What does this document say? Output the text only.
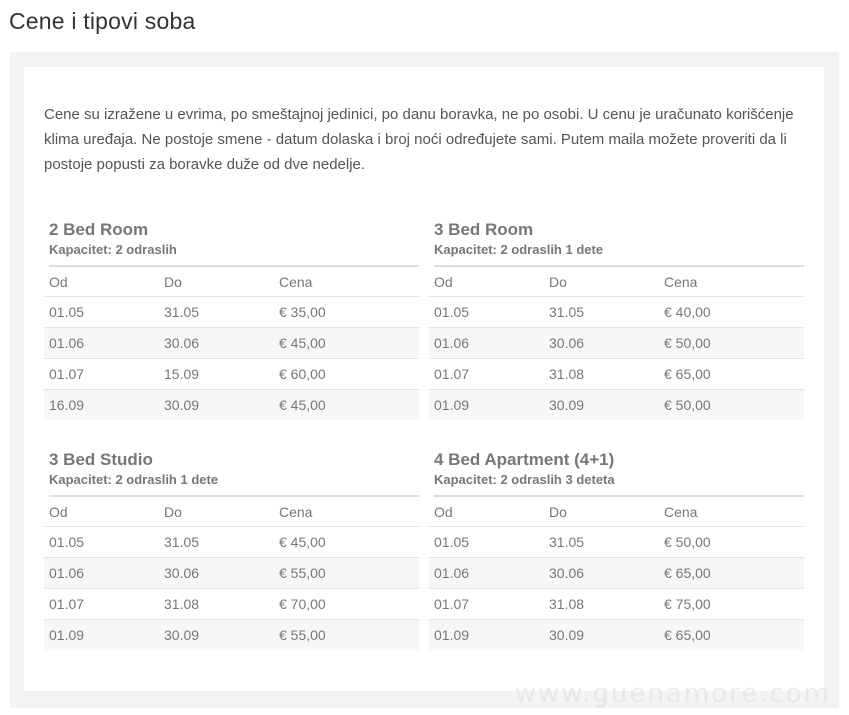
Cene i tipovi soba

Cene su izražene u evrima, po smeštajnoj jedinici, po danu boravka, ne po osobi. U cenu je uračunato korišćenje klima uređaja. Ne postoje smene - datum dolaska i broj noći određujete sami. Putem maila možete proveriti da li postoje popusti za boravke duže od dve nedelje.

2 Bed Room
Kapacitet: 2 odraslih
Od	Do	Cena
01.05	31.05	€ 35,00
01.06	30.06	€ 45,00
01.07	15.09	€ 60,00
16.09	30.09	€ 45,00
3 Bed Room
Kapacitet: 2 odraslih 1 dete
Od	Do	Cena
01.05	31.05	€ 40,00
01.06	30.06	€ 50,00
01.07	31.08	€ 65,00
01.09	30.09	€ 50,00
3 Bed Studio
Kapacitet: 2 odraslih 1 dete
Od	Do	Cena
01.05	31.05	€ 45,00
01.06	30.06	€ 55,00
01.07	31.08	€ 70,00
01.09	30.09	€ 55,00
4 Bed Apartment (4+1)
Kapacitet: 2 odraslih 3 deteta
Od	Do	Cena
01.05	31.05	€ 50,00
01.06	30.06	€ 65,00
01.07	31.08	€ 75,00
01.09	30.09	€ 65,00
www.guenamore.com
